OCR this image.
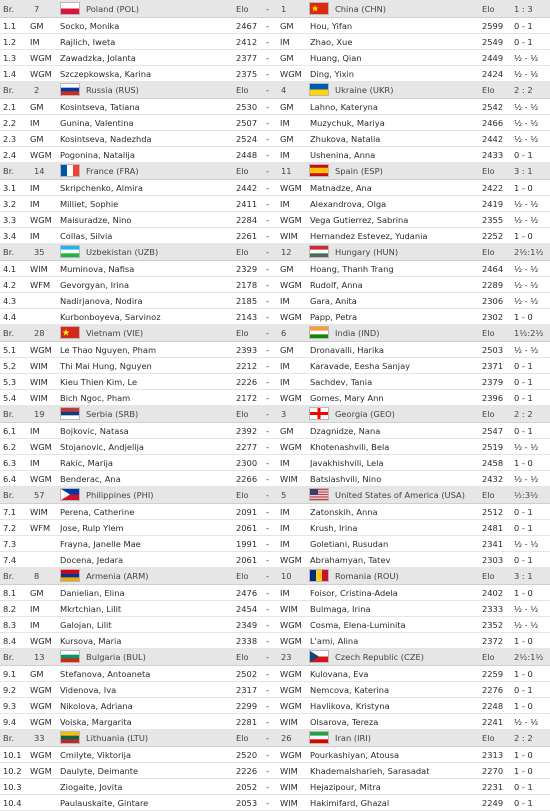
Br.	7	Poland (POL)	Elo	1	China (CHN)	Elo	1 : 3
-
1.1	GM	Socko, Monika	2467	-	GM	Hou, Yifan	2599	0 - 1
1.2	IM	Rajlich, Iweta	2412	-	IM	Zhao, Xue	2549	0 - 1
1.3	WGM Zawadzka, Jolanta	2377	-	GM	Huang, Qian	2449	½ - ½
1.4	WGM Szczepkowska, Karina	2375	-	WGM Ding, Yixin	2424	½ - ½
Br.	2	Russia (RUS)	Elo	4	Ukraine (UKR)	Elo	2 : 2
-
2.1	GM	Kosintseva, Tatiana	2530	-	GM	Lahno, Kateryna	2542	½ - ½
2.2	IM	Gunina, Valentina	2507	-	IM	Muzychuk, Mariya	2466	½ - ½
2.3	GM	Kosintseva, Nadezhda	2524	-	GM	Zhukova, Natalia	2442	½ - ½
2.4	WGM Pogonina, Natalija	2448	-	IM	Ushenina, Anna	2433	0 - 1
Br.	14	France (FRA)	Elo	11	Spain (ESP)	Elo	3 : 1
-
3.1	IM	Skripchenko, Almira	2442	-	WGM Matnadze, Ana	2422	1 - 0
3.2	IM	Milliet, Sophie	2411	-	IM	Alexandrova, Olga	2419	½ - ½
3.3	WGM Maisuradze, Nino	2284	-	WGM Vega Gutierrez, Sabrina	2355	½ - ½
3.4	IM	Collas, Silvia	2261	-	WIM	Hernandez Estevez, Yudania	2252	1 - 0
Br.	35	Uzbekistan (UZB)	Elo	12	Hungary (HUN)	Elo	2½:1½
-
4.1	WIM	Muminova, Nafisa	2329	-	GM	Hoang, Thanh Trang	2464	½ - ½
4.2	WFM	Gevorgyan, Irina	2178	-	WGM Rudolf, Anna	2289	½ - ½
4.3	Nadirjanova, Nodira	2185	-	IM	Gara, Anita	2306	½ - ½
4.4	Kurbonboyeva, Sarvinoz	2143	-	WGM Papp, Petra	2302	1 - 0
Br.	28	Vietnam (VIE)	Elo	6	India (IND)	Elo	1½:2½
-
5.1	WGM Le Thao Nguyen, Pham	2393	-	GM	Dronavalli, Harika	2503	½ - ½
5.2	WIM	Thi Mai Hung, Nguyen	2212	-	IM	Karavade, Eesha Sanjay	2371	0 - 1
5.3	WIM	Kieu Thien Kim, Le	2226	-	IM	Sachdev, Tania	2379	0 - 1
5.4	WIM	Bich Ngoc, Pham	2172	-	WGM Gomes, Mary Ann	2396	0 - 1
Br.	19	Serbia (SRB)	Elo	3	Georgia (GEO)	Elo	2 : 2
-
6.1	IM	Bojkovic, Natasa	2392	-	GM	Dzagnidze, Nana	2547	0 - 1
6.2	WGM Stojanovic, Andjelija	2277	-	WGM Khotenashvili, Bela	2519	½ - ½
6.3	IM	Rakic, Marija	2300	-	IM	Javakhishvili, Lela	2458	1 - 0
6.4	WGM Benderac, Ana	2266	-	WIM	Batsiashvili, Nino	2432	½ - ½
Br.	57	Philippines (PHI)	Elo	5	United States of America (USA)	Elo	½:3½
-
7.1	WIM	Perena, Catherine	2091	-	IM	Zatonskih, Anna	2512	0 - 1
7.2	WFM	Jose, Rulp Ylem	2061	-	IM	Krush, Irina	2481	0 - 1
7.3	Frayna, Janelle Mae	1991	-	IM	Goletiani, Rusudan	2341	½ - ½
7.4	Docena, Jedara	2061	-	WGM Abrahamyan, Tatev	2303	0 - 1
Br.	8	Armenia (ARM)	Elo	10	Romania (ROU)	Elo	3 : 1
-
8.1	GM	Danielian, Elina	2476	-	IM	Foisor, Cristina-Adela	2402	1 - 0
8.2	IM	Mkrtchian, Lilit	2454	-	WIM	Bulmaga, Irina	2333	½ - ½
8.3	IM	Galojan, Lilit	2349	-	WGM Cosma, Elena-Luminita	2352	½ - ½
8.4	WGM Kursova, Maria	2338	-	WGM L'ami, Alina	2372	1 - 0
Br.	13	Bulgaria (BUL)	Elo	23	Czech Republic (CZE)	Elo	2½:1½
-
9.1	GM	Stefanova, Antoaneta	2502	-	WGM Kulovana, Eva	2259	1 - 0
9.2	WGM Videnova, Iva	2317	-	WGM Nemcova, Katerina	2276	0 - 1
9.3	WGM Nikolova, Adriana	2299	-	WGM Havlikova, Kristyna	2248	1 - 0
9.4	WGM Voiska, Margarita	2281	-	WIM	Olsarova, Tereza	2241	½ - ½
Br.	33	Lithuania (LTU)	Elo	26	Iran (IRI)	Elo	2 : 2
-
10.1	WGM Cmilyte, Viktorija	2520	-	WGM Pourkashiyan, Atousa	2313	1 - 0
10.2	WGM Daulyte, Deimante	2226	-	WIM	Khademalsharieh, Sarasadat	2270	1 - 0
10.3	Ziogaite, Jovita	2052	-	WIM	Hejazipour, Mitra	2231	0 - 1
10.4	Paulauskaite, Gintare	2053	-	WIM	Hakimifard, Ghazal	2249	0 - 1
